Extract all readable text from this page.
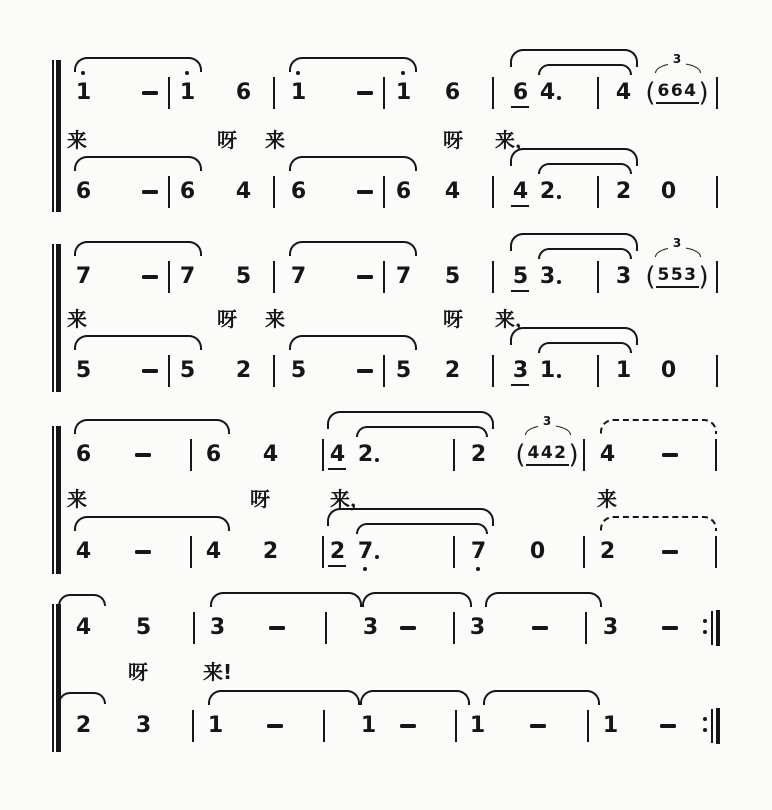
1	1 6 1	1 6 6 4	4 ( 664 )
3
来	呀 来	呀 来，
6	6 4 6	6 4 4 2	2 0
7	7 5 7	7 5 5 3	3 ( 553 )
3
来	呀 来	呀 来，
5	5 2 5	5 2 3 1	1 0
6	6 4 4 2	2 ( 442 )
3
4
来	呀	来，	来
4	4 2 2 7	7 0	2
4 5	3	3	3	3
呀	来!
2 3	1	1	1	1
